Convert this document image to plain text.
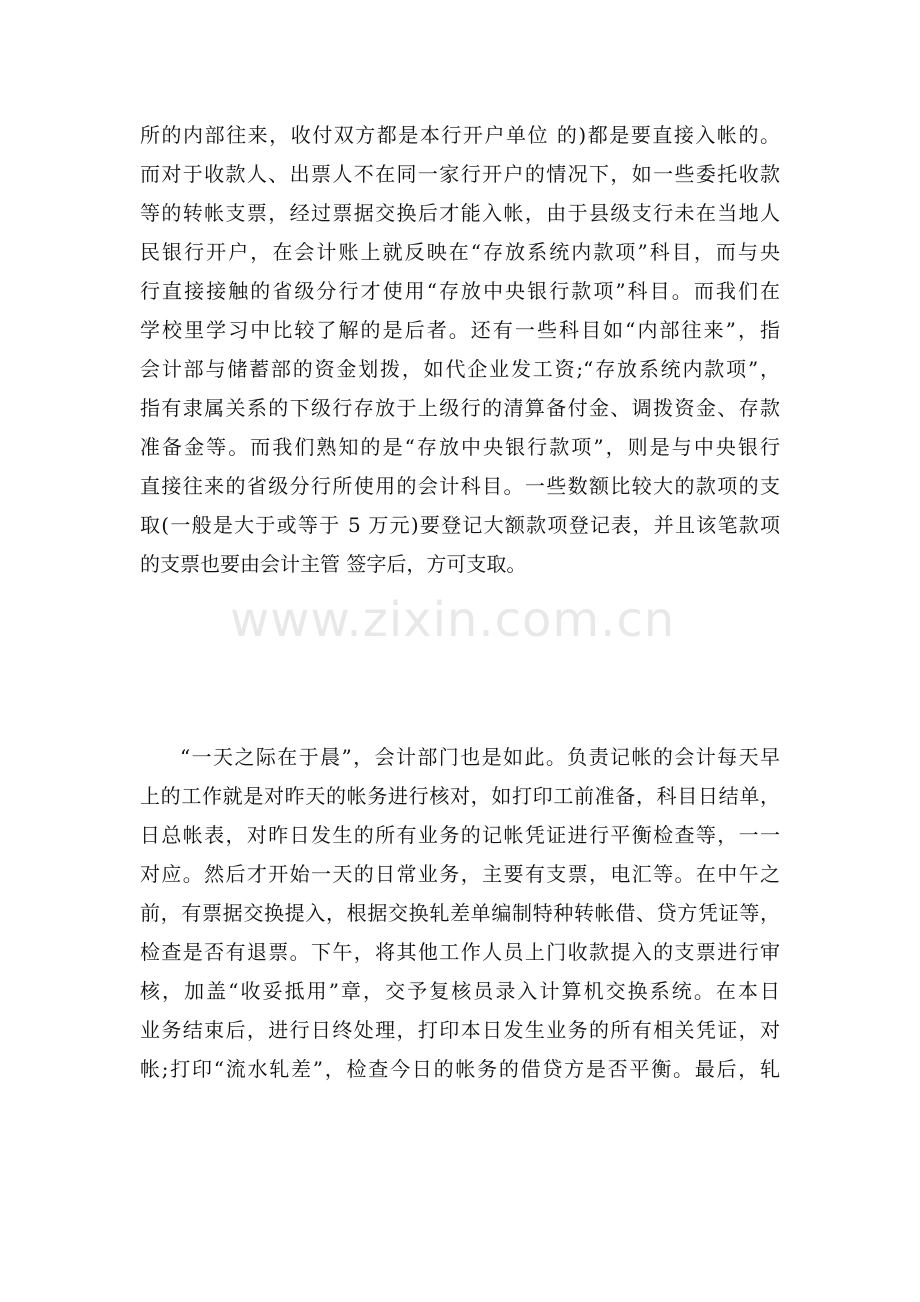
所的内部往来，收付双方都是本行开户单位 的)都是要直接入帐的。
而对于收款人、出票人不在同一家行开户的情况下，如一些委托收款
等的转帐支票，经过票据交换后才能入帐，由于县级支行未在当地人
民银行开户，在会计账上就反映在“存放系统内款项”科目，而与央
行直接接触的省级分行才使用“存放中央银行款项”科目。而我们在
学校里学习中比较了解的是后者。还有一些科目如“内部往来”，指
会计部与储蓄部的资金划拨，如代企业发工资;“存放系统内款项”，
指有隶属关系的下级行存放于上级行的清算备付金、调拨资金、存款
准备金等。而我们熟知的是“存放中央银行款项”，则是与中央银行
直接往来的省级分行所使用的会计科目。一些数额比较大的款项的支
取(一般是大于或等于 5 万元)要登记大额款项登记表，并且该笔款项
的支票也要由会计主管 签字后，方可支取。
“一天之际在于晨”，会计部门也是如此。负责记帐的会计每天早
上的工作就是对昨天的帐务进行核对，如打印工前准备，科目日结单，
日总帐表，对昨日发生的所有业务的记帐凭证进行平衡检查等，一一
对应。然后才开始一天的日常业务，主要有支票，电汇等。在中午之
前，有票据交换提入，根据交换轧差单编制特种转帐借、贷方凭证等，
检查是否有退票。下午，将其他工作人员上门收款提入的支票进行审
核，加盖“收妥抵用”章，交予复核员录入计算机交换系统。在本日
业务结束后，进行日终处理，打印本日发生业务的所有相关凭证，对
帐;打印“流水轧差”，检查今日的帐务的借贷方是否平衡。最后，轧
www.zixin.com.cn
